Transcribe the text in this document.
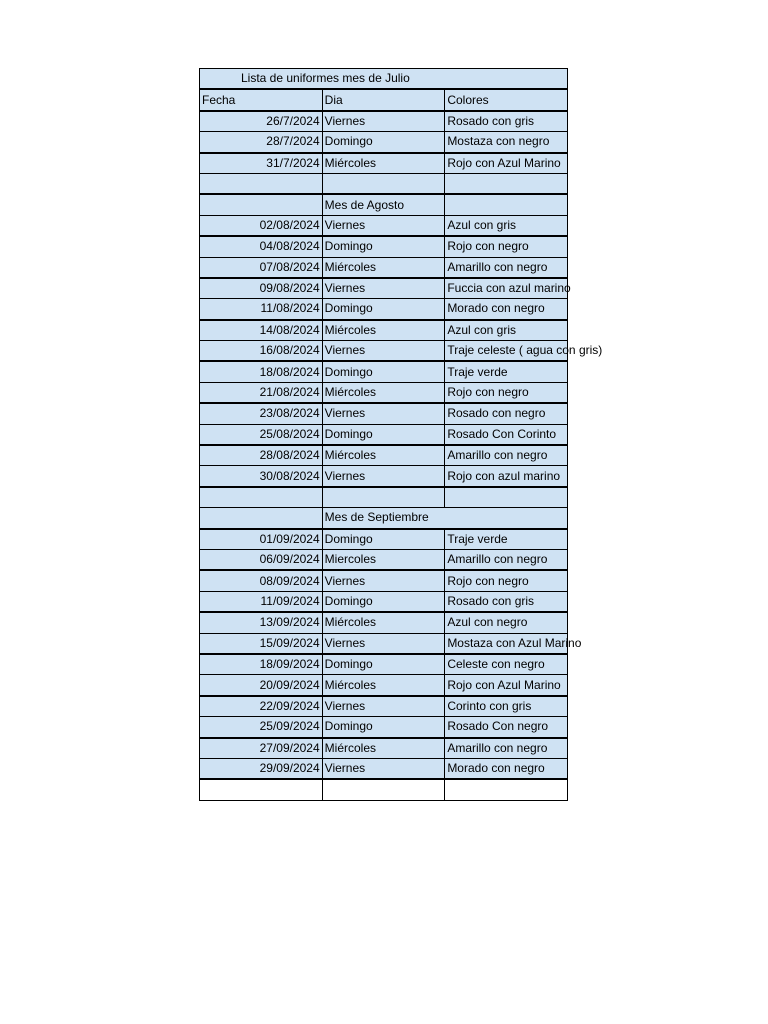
Lista de uniformes mes de Julio		
Fecha	Dia	Colores
26/7/2024	Viernes	Rosado con gris
28/7/2024	Domingo	Mostaza con negro
31/7/2024	Miércoles	Rojo con Azul Marino

	Mes de Agosto	
02/08/2024	Viernes	Azul con gris
04/08/2024	Domingo	Rojo con negro
07/08/2024	Miércoles	Amarillo con negro
09/08/2024	Viernes	Fuccia con azul marino
11/08/2024	Domingo	Morado con negro
14/08/2024	Miércoles	Azul con gris
16/08/2024	Viernes	Traje celeste ( agua con gris)
18/08/2024	Domingo	Traje verde
21/08/2024	Miércoles	Rojo con negro
23/08/2024	Viernes	Rosado con negro
25/08/2024	Domingo	Rosado Con Corinto
28/08/2024	Miércoles	Amarillo con negro
30/08/2024	Viernes	Rojo con azul marino

	Mes de Septiembre	
01/09/2024	Domingo	Traje verde
06/09/2024	Miercoles	Amarillo con negro
08/09/2024	Viernes	Rojo con negro
11/09/2024	Domingo	Rosado con gris
13/09/2024	Miércoles	Azul con negro
15/09/2024	Viernes	Mostaza con Azul Marino
18/09/2024	Domingo	Celeste con negro
20/09/2024	Miércoles	Rojo con Azul Marino
22/09/2024	Viernes	Corinto con gris
25/09/2024	Domingo	Rosado Con negro
27/09/2024	Miércoles	Amarillo con negro
29/09/2024	Viernes	Morado con negro
